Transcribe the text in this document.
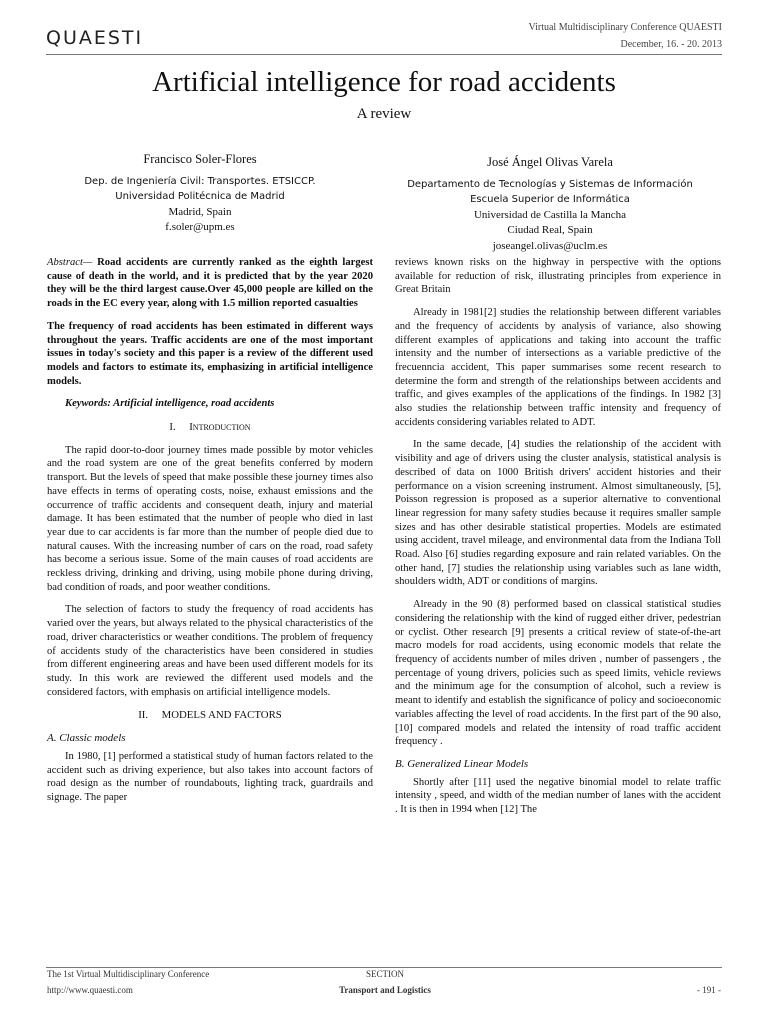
QUAESTI	Virtual Multidisciplinary Conference QUAESTI
December, 16. - 20. 2013
Artificial intelligence for road accidents
A review
Francisco Soler-Flores
Dep. de Ingeniería Civil: Transportes. ETSICCP.
Universidad Politécnica de Madrid
Madrid, Spain
f.soler@upm.es
José Ángel Olivas Varela
Departamento de Tecnologías y Sistemas de Información
Escuela Superior de Informática
Universidad de Castilla la Mancha
Ciudad Real, Spain
joseangel.olivas@uclm.es

Abstract— Road accidents are currently ranked as the eighth largest cause of death in the world, and it is predicted that by the year 2020 they will be the third largest cause.Over 45,000 people are killed on the roads in the EC every year, along with 1.5 million reported casualties

The frequency of road accidents has been estimated in different ways throughout the years. Traffic accidents are one of the most important issues in today's society and this paper is a review of the different used models and factors to estimate its, emphasizing in artificial intelligence models.

Keywords: Artificial intelligence, road accidents

I. Introduction

The rapid door-to-door journey times made possible by motor vehicles and the road system are one of the great benefits conferred by modern transport. But the levels of speed that make possible these journey times also have effects in terms of operating costs, noise, exhaust emissions and the occurrence of traffic accidents and consequent death, injury and material damage. It has been estimated that the number of people who died in last year due to car accidents is far more than the number of people died due to natural causes. With the increasing number of cars on the road, road safety has become a serious issue. Some of the main causes of road accidents are reckless driving, drinking and driving, using mobile phone during driving, bad condition of roads, and poor weather conditions.

The selection of factors to study the frequency of road accidents has varied over the years, but always related to the physical characteristics of the road, driver characteristics or weather conditions. The problem of frequency of accidents study of the characteristics have been considered in studies from different engineering areas and have been used different models for its study. In this work are reviewed the different used models and the considered factors, with emphasis on artificial intelligence models.

II. MODELS AND FACTORS
A. Classic models

In 1980, [1] performed a statistical study of human factors related to the accident such as driving experience, but also takes into account factors of road design as the number of roundabouts, lighting track, guardrails and signage. The paper

reviews known risks on the highway in perspective with the options available for reduction of risk, illustrating principles from experience in Great Britain

Already in 1981[2] studies the relationship between different variables and the frequency of accidents by analysis of variance, also showing different examples of applications and taking into account the traffic intensity and the number of intersections as a variable predictive of the frecuenncia accident, This paper summarises some recent research to determine the form and strength of the relationships between accidents and traffic, and gives examples of the applications of the findings. In 1982 [3] also studies the relationship between traffic intensity and frequency of accidents considering variables related to ADT.

In the same decade, [4] studies the relationship of the accident with visibility and age of drivers using the cluster analysis, statistical analysis is described of data on 1000 British drivers' accident histories and their performance on a vision screening instrument. Almost simultaneously, [5], Poisson regression is proposed as a superior alternative to conventional linear regression for many safety studies because it requires smaller sample sizes and has other desirable statistical properties. Models are estimated using accident, travel mileage, and environmental data from the Indiana Toll Road. Also [6] studies regarding exposure and rain related variables. On the other hand, [7] studies the relationship using variables such as lane width, shoulders width, ADT or conditions of margins.

Already in the 90 (8) performed based on classical statistical studies considering the relationship with the kind of rugged either driver, pedestrian or cyclist. Other research [9] presents a critical review of state-of-the-art macro models for road accidents, using economic models that relate the frequency of accidents number of miles driven , number of passengers , the percentage of young drivers, policies such as speed limits, vehicle reviews and the minimum age for the consumption of alcohol, such a review is meant to identify and establish the significance of policy and socioeconomic variables affecting the level of road accidents. In the first part of the 90 also, [10] compared models and related the intensity of road traffic accident frequency .

B. Generalized Linear Models

Shortly after [11] used the negative binomial model to relate traffic intensity , speed, and width of the median number of lanes with the accident . It is then in 1994 when [12] The

The 1st Virtual Multidisciplinary Conference
http://www.quaesti.com
SECTION
Transport and Logistics	- 191 -
